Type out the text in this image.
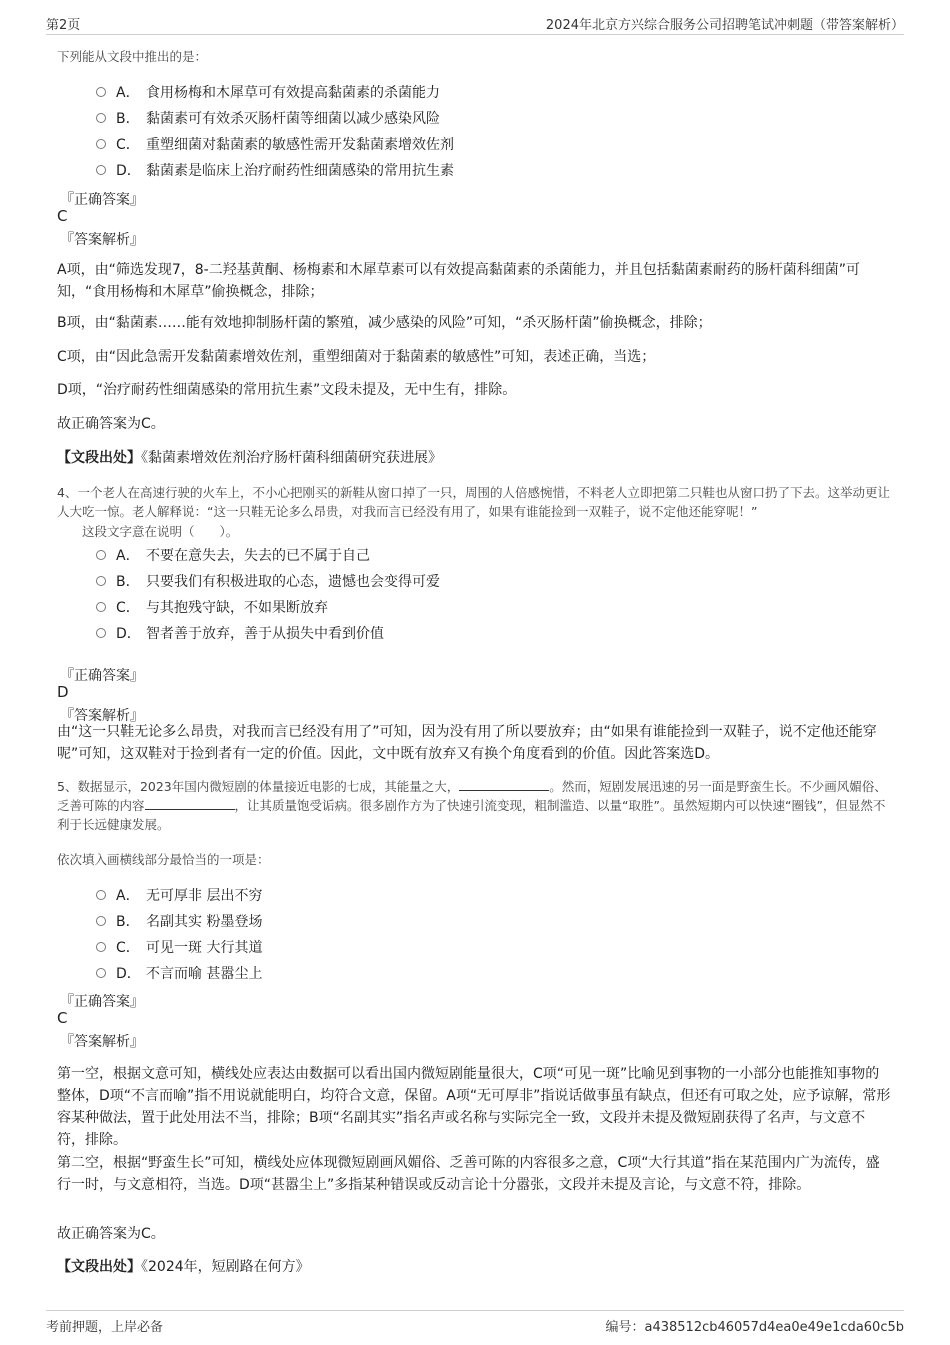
第2页	2024年北京方兴综合服务公司招聘笔试冲刺题（带答案解析）
下列能从文段中推出的是：
A． 食用杨梅和木犀草可有效提高黏菌素的杀菌能力
B． 黏菌素可有效杀灭肠杆菌等细菌以减少感染风险
C． 重塑细菌对黏菌素的敏感性需开发黏菌素增效佐剂
D． 黏菌素是临床上治疗耐药性细菌感染的常用抗生素
『正确答案』
C
『答案解析』
A项，由“筛选发现7，8-二羟基黄酮、杨梅素和木犀草素可以有效提高黏菌素的杀菌能力，并且包括黏菌素耐药的肠杆菌科细菌”可知，“食用杨梅和木犀草”偷换概念，排除；
B项，由“黏菌素……能有效地抑制肠杆菌的繁殖，减少感染的风险”可知，“杀灭肠杆菌”偷换概念，排除；
C项，由“因此急需开发黏菌素增效佐剂，重塑细菌对于黏菌素的敏感性”可知，表述正确，当选；
D项，“治疗耐药性细菌感染的常用抗生素”文段未提及，无中生有，排除。
故正确答案为C。
【文段出处】《黏菌素增效佐剂治疗肠杆菌科细菌研究获进展》
4、一个老人在高速行驶的火车上，不小心把刚买的新鞋从窗口掉了一只，周围的人倍感惋惜，不料老人立即把第二只鞋也从窗口扔了下去。这举动更让人大吃一惊。老人解释说：“这一只鞋无论多么昂贵，对我而言已经没有用了，如果有谁能捡到一双鞋子，说不定他还能穿呢！”
这段文字意在说明（　　）。
A． 不要在意失去，失去的已不属于自己
B． 只要我们有积极进取的心态，遗憾也会变得可爱
C． 与其抱残守缺，不如果断放弃
D． 智者善于放弃，善于从损失中看到价值
『正确答案』
D
『答案解析』
由“这一只鞋无论多么昂贵，对我而言已经没有用了”可知，因为没有用了所以要放弃；由“如果有谁能捡到一双鞋子，说不定他还能穿呢”可知，这双鞋对于捡到者有一定的价值。因此，文中既有放弃又有换个角度看到的价值。因此答案选D。
5、数据显示，2023年国内微短剧的体量接近电影的七成，其能量之大，	。然而，短剧发展迅速的另一面是野蛮生长。不少画风媚俗、乏善可陈的内容	，让其质量饱受诟病。很多剧作方为了快速引流变现，粗制滥造、以量“取胜”。虽然短期内可以快速“圈钱”，但显然不利于长远健康发展。
依次填入画横线部分最恰当的一项是：
A． 无可厚非 层出不穷
B． 名副其实 粉墨登场
C． 可见一斑 大行其道
D． 不言而喻 甚嚣尘上
『正确答案』
C
『答案解析』
第一空，根据文意可知，横线处应表达由数据可以看出国内微短剧能量很大，C项“可见一斑”比喻见到事物的一小部分也能推知事物的整体，D项“不言而喻”指不用说就能明白，均符合文意，保留。A项“无可厚非”指说话做事虽有缺点，但还有可取之处，应予谅解，常形容某种做法，置于此处用法不当，排除；B项“名副其实”指名声或名称与实际完全一致，文段并未提及微短剧获得了名声，与文意不符，排除。
第二空，根据“野蛮生长”可知，横线处应体现微短剧画风媚俗、乏善可陈的内容很多之意，C项“大行其道”指在某范围内广为流传，盛行一时，与文意相符，当选。D项“甚嚣尘上”多指某种错误或反动言论十分嚣张，文段并未提及言论，与文意不符，排除。
故正确答案为C。
【文段出处】《2024年，短剧路在何方》
考前押题，上岸必备	编号：a438512cb46057d4ea0e49e1cda60c5b
